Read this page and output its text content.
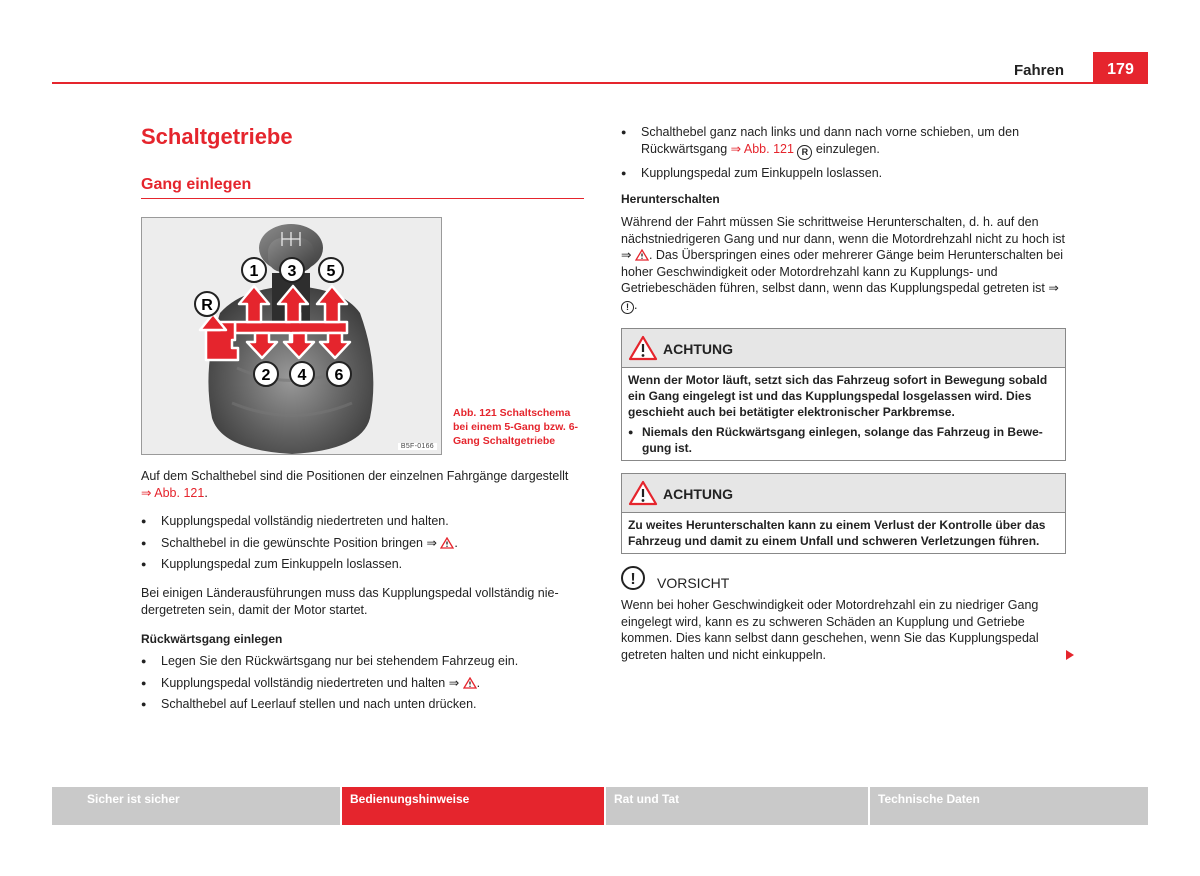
Fahren	179
Schaltgetriebe
Gang einlegen
1 3 5
2 4 6
R
B5F-0166
Abb. 121 Schaltschema bei einem 5-Gang bzw. 6-Gang Schaltgetriebe
Auf dem Schalthebel sind die Positionen der einzelnen Fahrgänge dargestellt ⇒ Abb. 121.
● Kupplungspedal vollständig niedertreten und halten.
● Schalthebel in die gewünschte Position bringen ⇒ .
● Kupplungspedal zum Einkuppeln loslassen.
Bei einigen Länderausführungen muss das Kupplungspedal vollständig niedergetreten sein, damit der Motor startet.
Rückwärtsgang einlegen
● Legen Sie den Rückwärtsgang nur bei stehendem Fahrzeug ein.
● Kupplungspedal vollständig niedertreten und halten ⇒ .
● Schalthebel auf Leerlauf stellen und nach unten drücken.
● Schalthebel ganz nach links und dann nach vorne schieben, um den Rückwärtsgang ⇒ Abb. 121 R einzulegen.
● Kupplungspedal zum Einkuppeln loslassen.
Herunterschalten
Während der Fahrt müssen Sie schrittweise Herunterschalten, d. h. auf den nächstniedrigeren Gang und nur dann, wenn die Motordrehzahl nicht zu hoch ist ⇒ . Das Überspringen eines oder mehrerer Gänge beim Herunterschalten bei hoher Geschwindigkeit oder Motordrehzahl kann zu Kupplungs- und Getriebeschäden führen, selbst dann, wenn das Kupplungspedal getreten ist ⇒ ! .
ACHTUNG
Wenn der Motor läuft, setzt sich das Fahrzeug sofort in Bewegung sobald ein Gang eingelegt ist und das Kupplungspedal losgelassen wird. Dies geschieht auch bei betätigter elektronischer Parkbremse.
● Niemals den Rückwärtsgang einlegen, solange das Fahrzeug in Bewegung ist.
ACHTUNG
Zu weites Herunterschalten kann zu einem Verlust der Kontrolle über das Fahrzeug und damit zu einem Unfall und schweren Verletzungen führen.
!	VORSICHT
Wenn bei hoher Geschwindigkeit oder Motordrehzahl ein zu niedriger Gang eingelegt wird, kann es zu schweren Schäden an Kupplung und Getriebe kommen. Dies kann selbst dann geschehen, wenn Sie das Kupplungspedal getreten halten und nicht einkuppeln.
Sicher ist sicher	Bedienungshinweise	Rat und Tat	Technische Daten
